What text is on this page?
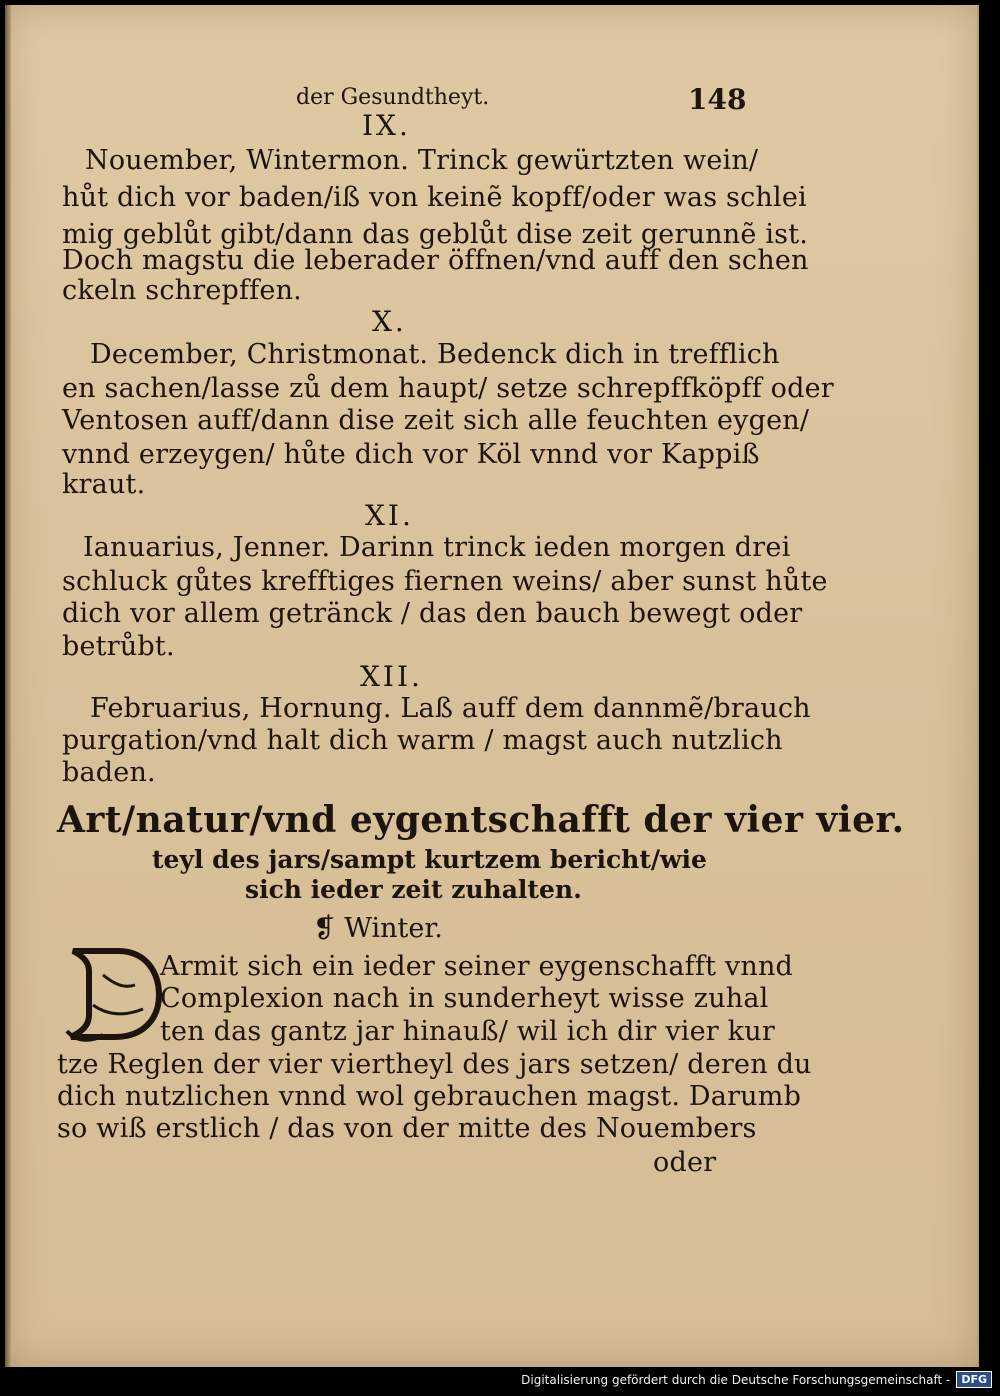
der Gesundtheyt.	148
IX.
Nouember, Wintermon. Trinck gewürtzten wein/
hůt dich vor baden/iß von keinẽ kopff/oder was schlei
mig geblůt gibt/dann das geblůt dise zeit gerunnẽ ist.
Doch magstu die leberader öffnen/vnd auff den schen
ckeln schrepffen.
X.
December, Christmonat. Bedenck dich in trefflich
en sachen/lasse zů dem haupt/ setze schrepffköpff oder
Ventosen auff/dann dise zeit sich alle feuchten eygen/
vnnd erzeygen/ hůte dich vor Köl vnnd vor Kappiß
kraut.
XI.
Ianuarius, Jenner. Darinn trinck ieden morgen drei
schluck gůtes krefftiges fiernen weins/ aber sunst hůte
dich vor allem getränck / das den bauch bewegt oder
betrůbt.
XII.
Februarius, Hornung. Laß auff dem dannmẽ/brauch
purgation/vnd halt dich warm / magst auch nutzlich
baden.
Art/natur/vnd eygentschafft der vier vier.
teyl des jars/sampt kurtzem bericht/wie
sich ieder zeit zuhalten.
❡ Winter.
Armit sich ein ieder seiner eygenschafft vnnd
Complexion nach in sunderheyt wisse zuhal
ten das gantz jar hinauß/ wil ich dir vier kur
tze Reglen der vier viertheyl des jars setzen/ deren du
dich nutzlichen vnnd wol gebrauchen magst. Darumb
so wiß erstlich / das von der mitte des Nouembers
oder
Digitalisierung gefördert durch die Deutsche Forschungsgemeinschaft -	DFG
